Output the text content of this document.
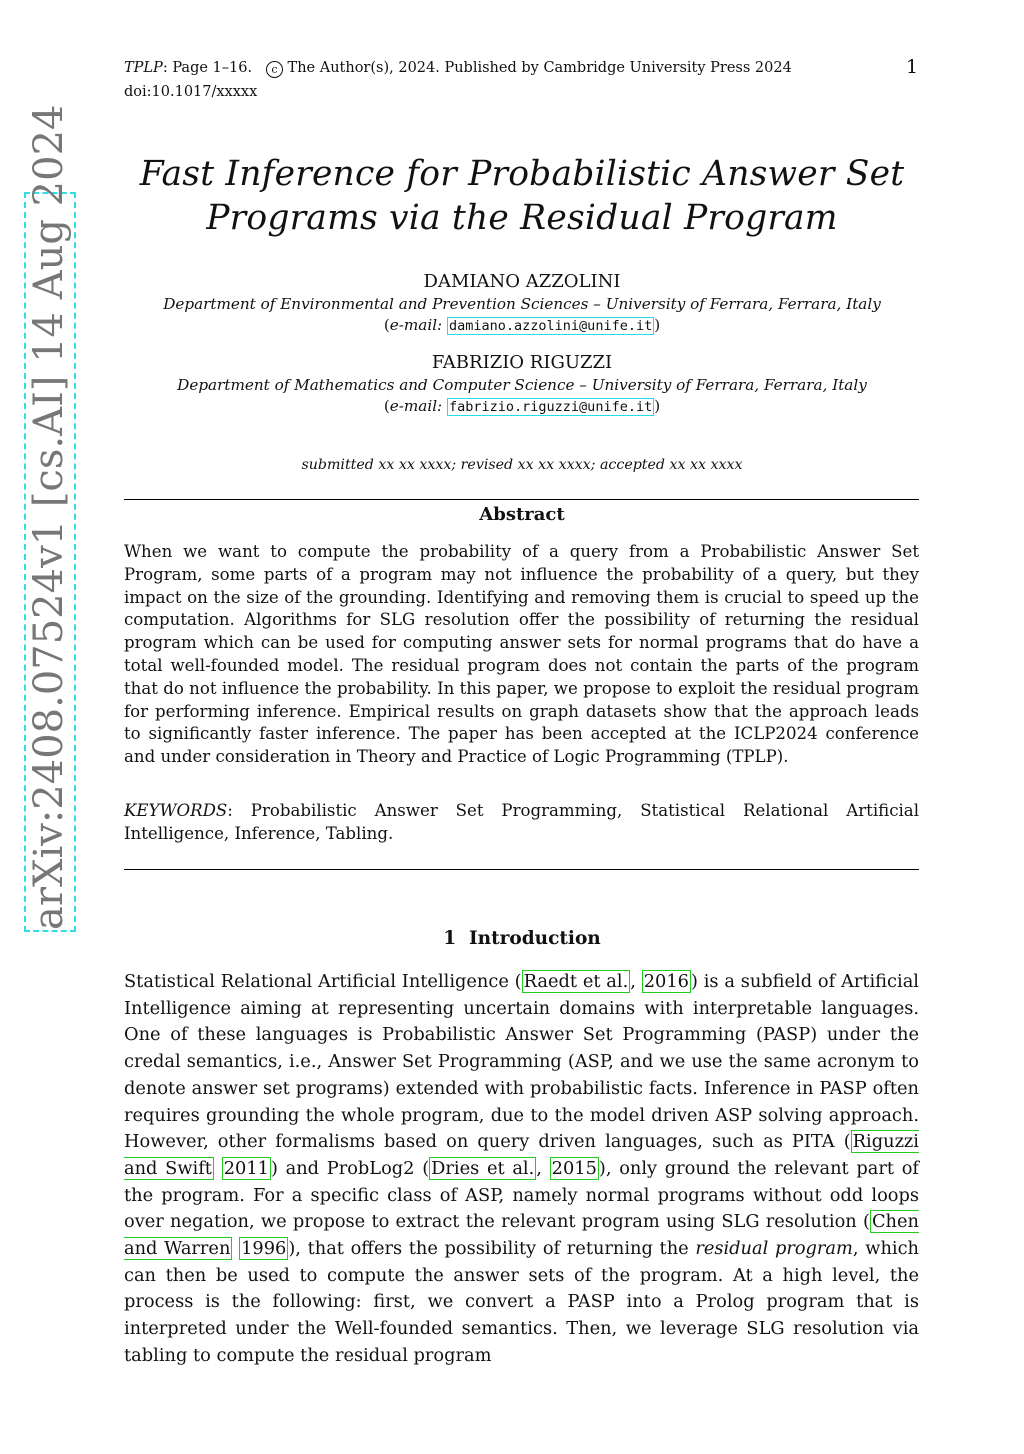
TPLP: Page 1–16. c The Author(s), 2024. Published by Cambridge University Press 2024
doi:10.1017/xxxxx
1
arXiv:2408.07524v1 [cs.AI] 14 Aug 2024	Fast Inference for Probabilistic Answer Set
Programs via the Residual Program
DAMIANO AZZOLINI
Department of Environmental and Prevention Sciences – University of Ferrara, Ferrara, Italy
(e-mail: damiano.azzolini@unife.it )
FABRIZIO RIGUZZI
Department of Mathematics and Computer Science – University of Ferrara, Ferrara, Italy
(e-mail: fabrizio.riguzzi@unife.it )
submitted xx xx xxxx; revised xx xx xxxx; accepted xx xx xxxx
Abstract
When we want to compute the probability of a query from a Probabilistic Answer Set Program, some parts of a program may not influence the probability of a query, but they impact on the size of the grounding. Identifying and removing them is crucial to speed up the computation. Algorithms for SLG resolution offer the possibility of returning the residual program which can be used for computing answer sets for normal programs that do have a total well-founded model. The residual program does not contain the parts of the program that do not influence the probability. In this paper, we propose to exploit the residual program for performing inference. Empirical results on graph datasets show that the approach leads to significantly faster inference. The paper has been accepted at the ICLP2024 conference and under consideration in Theory and Practice of Logic Programming (TPLP).
KEYWORDS: Probabilistic Answer Set Programming, Statistical Relational Artificial Intelligence, Inference, Tabling.
1 Introduction
Statistical Relational Artificial Intelligence ( Raedt et al. , 2016 ) is a subfield of Artificial Intelligence aiming at representing uncertain domains with interpretable languages. One of these languages is Probabilistic Answer Set Programming (PASP) under the credal semantics, i.e., Answer Set Programming (ASP, and we use the same acronym to denote answer set programs) extended with probabilistic facts. Inference in PASP often requires grounding the whole program, due to the model driven ASP solving approach. However, other formalisms based on query driven languages, such as PITA ( Riguzzi and Swift 2011 ) and ProbLog2 ( Dries et al. , 2015 ), only ground the relevant part of the program. For a specific class of ASP, namely normal programs without odd loops over negation, we propose to extract the relevant program using SLG resolution ( Chen and Warren 1996 ), that offers the possibility of returning the residual program, which can then be used to compute the answer sets of the program. At a high level, the process is the following: first, we convert a PASP into a Prolog program that is interpreted under the Well-founded semantics. Then, we leverage SLG resolution via tabling to compute the residual program
